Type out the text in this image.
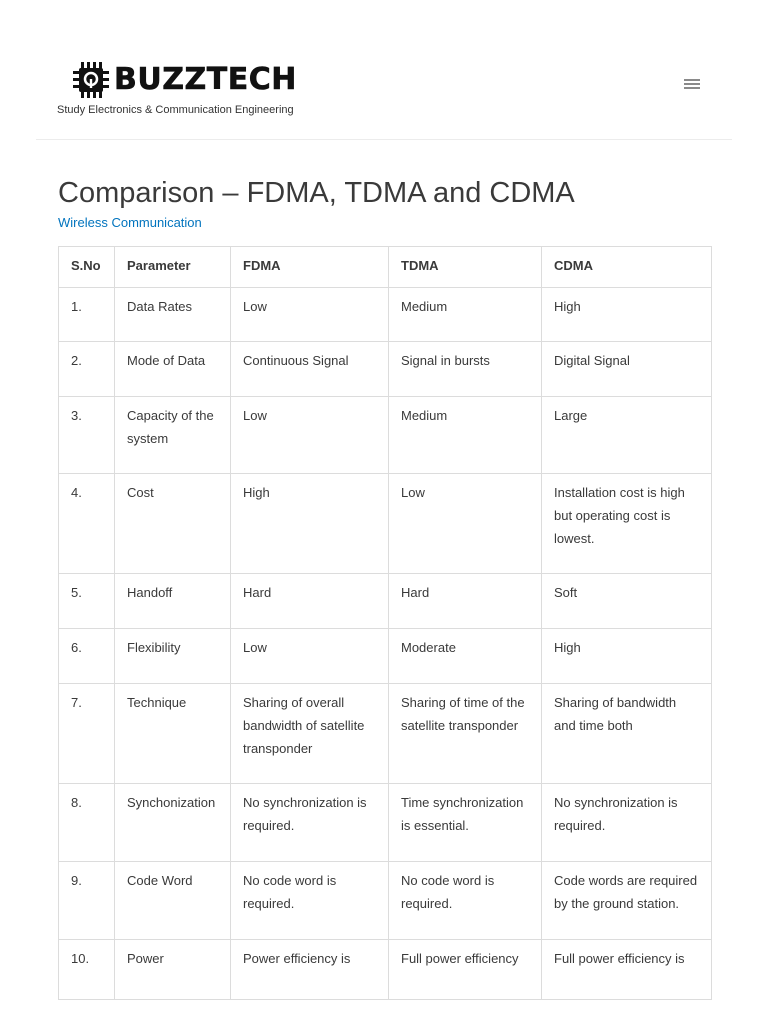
BUZZTECH
Study Electronics & Communication Engineering
Comparison – FDMA, TDMA and CDMA
Wireless Communication
S.No	Parameter	FDMA	TDMA	CDMA
1.	Data Rates	Low	Medium	High
2.	Mode of Data	Continuous Signal	Signal in bursts	Digital Signal
3.	Capacity of the system	Low	Medium	Large
4.	Cost	High	Low	Installation cost is high but operating cost is lowest.
5.	Handoff	Hard	Hard	Soft
6.	Flexibility	Low	Moderate	High
7.	Technique	Sharing of overall bandwidth of satellite transponder	Sharing of time of the satellite transponder	Sharing of bandwidth and time both
8.	Synchonization	No synchronization is required.	Time synchronization is essential.	No synchronization is required.
9.	Code Word	No code word is required.	No code word is required.	Code words are required by the ground station.
10.	Power	Power efficiency is	Full power efficiency	Full power efficiency is
